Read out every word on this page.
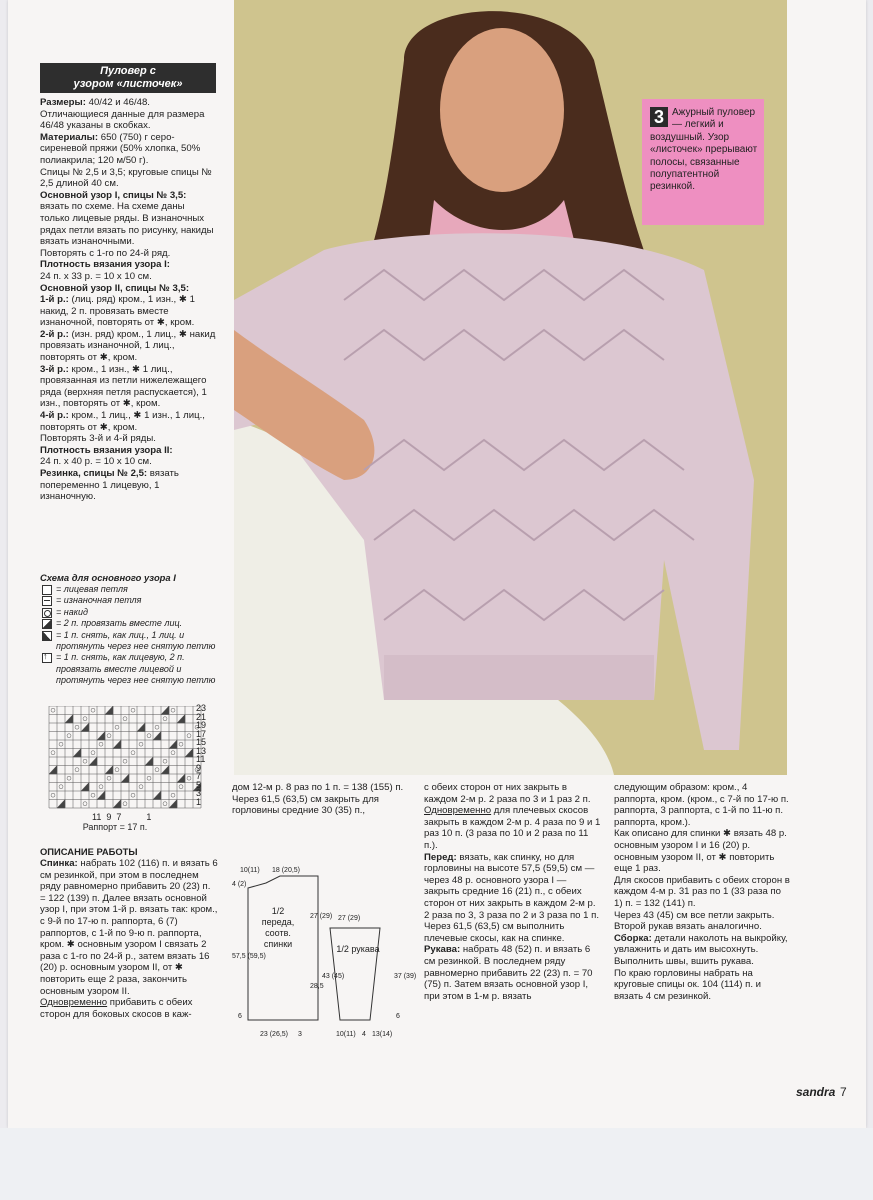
Пуловер с
узором «листочек»

Размеры: 40/42 и 46/48.

Отличающиеся данные для размера 46/48 указаны в скобках.

Материалы: 650 (750) г серо-сиреневой пряжи (50% хлопка, 50% полиакрила; 120 м/50 г).

Спицы № 2,5 и 3,5; круговые спицы № 2,5 длиной 40 см.

Основной узор I, спицы № 3,5: вязать по схеме. На схеме даны только лицевые ряды. В изнаночных рядах петли вязать по рисунку, накиды вязать изнаночными.

Повторять с 1-го по 24-й ряд.

Плотность вязания узора I:

24 п. х 33 р. = 10 х 10 см.

Основной узор II, спицы № 3,5:

1-й р.: (лиц. ряд) кром., 1 изн., ✱ 1 накид, 2 п. провязать вместе изнаночной, повторять от ✱, кром.

2-й р.: (изн. ряд) кром., 1 лиц., ✱ накид провязать изнаночной, 1 лиц., повторять от ✱, кром.

3-й р.: кром., 1 изн., ✱ 1 лиц., провязанная из петли нижележащего ряда (верхняя петля распускается), 1 изн., повторять от ✱, кром.

4-й р.: кром., 1 лиц., ✱ 1 изн., 1 лиц., повторять от ✱, кром.

Повторять 3-й и 4-й ряды.

Плотность вязания узора II:

24 п. х 40 р. = 10 х 10 см.

Резинка, спицы № 2,5: вязать попеременно 1 лицевую, 1 изнаночную.

Схема для основного узора I
= лицевая петля
= изнаночная петля
= накид
= 2 п. провязать вместе лиц.
= 1 п. снять, как лиц., 1 лиц. и протянуть через нее снятую петлю
↑
= 1 п. снять, как лицевую, 2 п. провязать вместе лицевой и протянуть через нее снятую петлю
23
21
19
17
15
13
11
9
7
5
3
1
11  9  7          1
Раппорт = 17 п.
ОПИСАНИЕ РАБОТЫ
Спинка: набрать 102 (116) п. и вязать 6 см резинкой, при этом в последнем ряду равномерно прибавить 20 (23) п. = 122 (139) п. Далее вязать основной узор I, при этом 1-й р. вязать так: кром., с 9-й по 17-ю п. раппорта, 6 (7) раппортов, с 1-й по 9-ю п. раппорта, кром. ✱ основным узором I связать 2 раза с 1-го по 24-й р., затем вязать 16 (20) р. основным узором II, от ✱ повторить еще 2 раза, закончить основным узором II.
Одновременно прибавить с обеих сторон для боковых скосов в каж-
3 Ажурный пуловер — легкий и воздушный. Узор «листочек» прерывают полосы, связанные полупатентной резинкой.

дом 12-м р. 8 раз по 1 п. = 138 (155) п.

Через 61,5 (63,5) см закрыть для горловины средние 30 (35) п.,

10(11) 18 (20,5)
4 (2)
57,5 (59,5)
27 (29) 27 (29)
43 (45)	37 (39)
28,5
6	6
23 (26,5) 3	10(11) 4 13(14)
1/2 переда, соотв. спинки	1/2 рукава

с обеих сторон от них закрыть в каждом 2-м р. 2 раза по 3 и 1 раз 2 п.

Одновременно для плечевых скосов закрыть в каждом 2-м р. 4 раза по 9 и 1 раз 10 п. (3 раза по 10 и 2 раза по 11 п.).

Перед: вязать, как спинку, но для горловины на высоте 57,5 (59,5) см — через 48 р. основного узора I — закрыть средние 16 (21) п., с обеих сторон от них закрыть в каждом 2-м р. 2 раза по 3, 3 раза по 2 и 3 раза по 1 п.

Через 61,5 (63,5) см выполнить плечевые скосы, как на спинке.

Рукава: набрать 48 (52) п. и вязать 6 см резинкой. В последнем ряду равномерно прибавить 22 (23) п. = 70 (75) п. Затем вязать основной узор I, при этом в 1-м р. вязать

следующим образом: кром., 4 раппорта, кром. (кром., с 7-й по 17-ю п. раппорта, 3 раппорта, с 1-й по 11-ю п. раппорта, кром.).

Как описано для спинки ✱ вязать 48 р. основным узором I и 16 (20) р. основным узором II, от ✱ повторить еще 1 раз.

Для скосов прибавить с обеих сторон в каждом 4-м р. 31 раз по 1 (33 раза по 1) п. = 132 (141) п.

Через 43 (45) см все петли закрыть.

Второй рукав вязать аналогично.

Сборка: детали наколоть на выкройку, увлажнить и дать им высохнуть. Выполнить швы, вшить рукава.

По краю горловины набрать на круговые спицы ок. 104 (114) п. и вязать 4 см резинкой.

sandra 7
